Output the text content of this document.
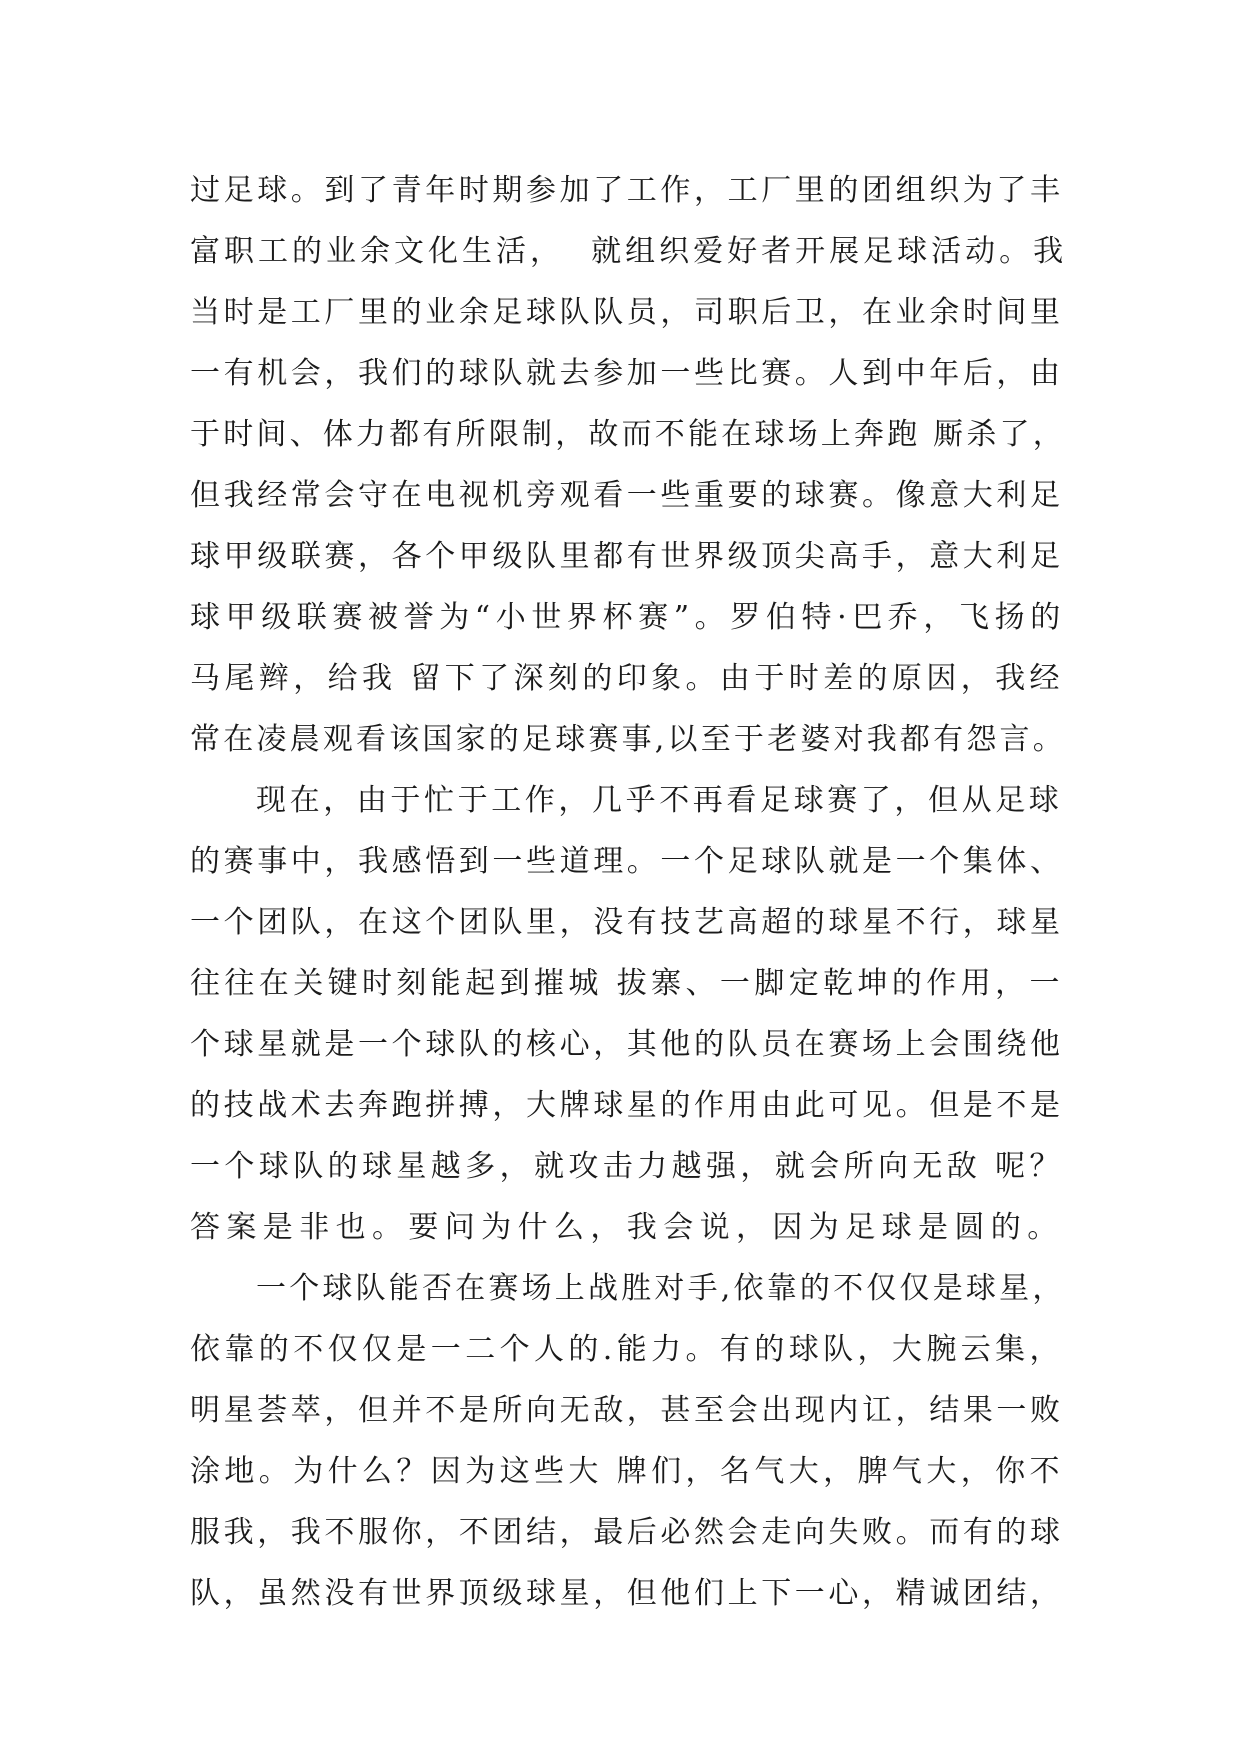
过足球。到了青年时期参加了工作，工厂里的团组织为了丰
富职工的业余文化生活，  就组织爱好者开展足球活动。我
当时是工厂里的业余足球队队员，司职后卫，在业余时间里
一有机会，我们的球队就去参加一些比赛。人到中年后，由
于时间、体力都有所限制，故而不能在球场上奔跑 厮杀了，
但我经常会守在电视机旁观看一些重要的球赛。像意大利足
球甲级联赛，各个甲级队里都有世界级顶尖高手，意大利足
球甲级联赛被誉为“小世界杯赛”。罗伯特·巴乔，飞扬的
马尾辫，给我 留下了深刻的印象。由于时差的原因，我经
常在凌晨观看该国家的足球赛事,以至于老婆对我都有怨言。
现在，由于忙于工作，几乎不再看足球赛了，但从足球
的赛事中，我感悟到一些道理。一个足球队就是一个集体、
一个团队，在这个团队里，没有技艺高超的球星不行，球星
往往在关键时刻能起到摧城 拔寨、一脚定乾坤的作用，一
个球星就是一个球队的核心，其他的队员在赛场上会围绕他
的技战术去奔跑拼搏，大牌球星的作用由此可见。但是不是
一个球队的球星越多，就攻击力越强，就会所向无敌 呢？
答案是非也。要问为什么，我会说，因为足球是圆的。
一个球队能否在赛场上战胜对手,依靠的不仅仅是球星，
依靠的不仅仅是一二个人的.能力。有的球队，大腕云集，
明星荟萃，但并不是所向无敌，甚至会出现内讧，结果一败
涂地。为什么？因为这些大 牌们，名气大，脾气大，你不
服我，我不服你，不团结，最后必然会走向失败。而有的球
队，虽然没有世界顶级球星，但他们上下一心，精诚团结，
